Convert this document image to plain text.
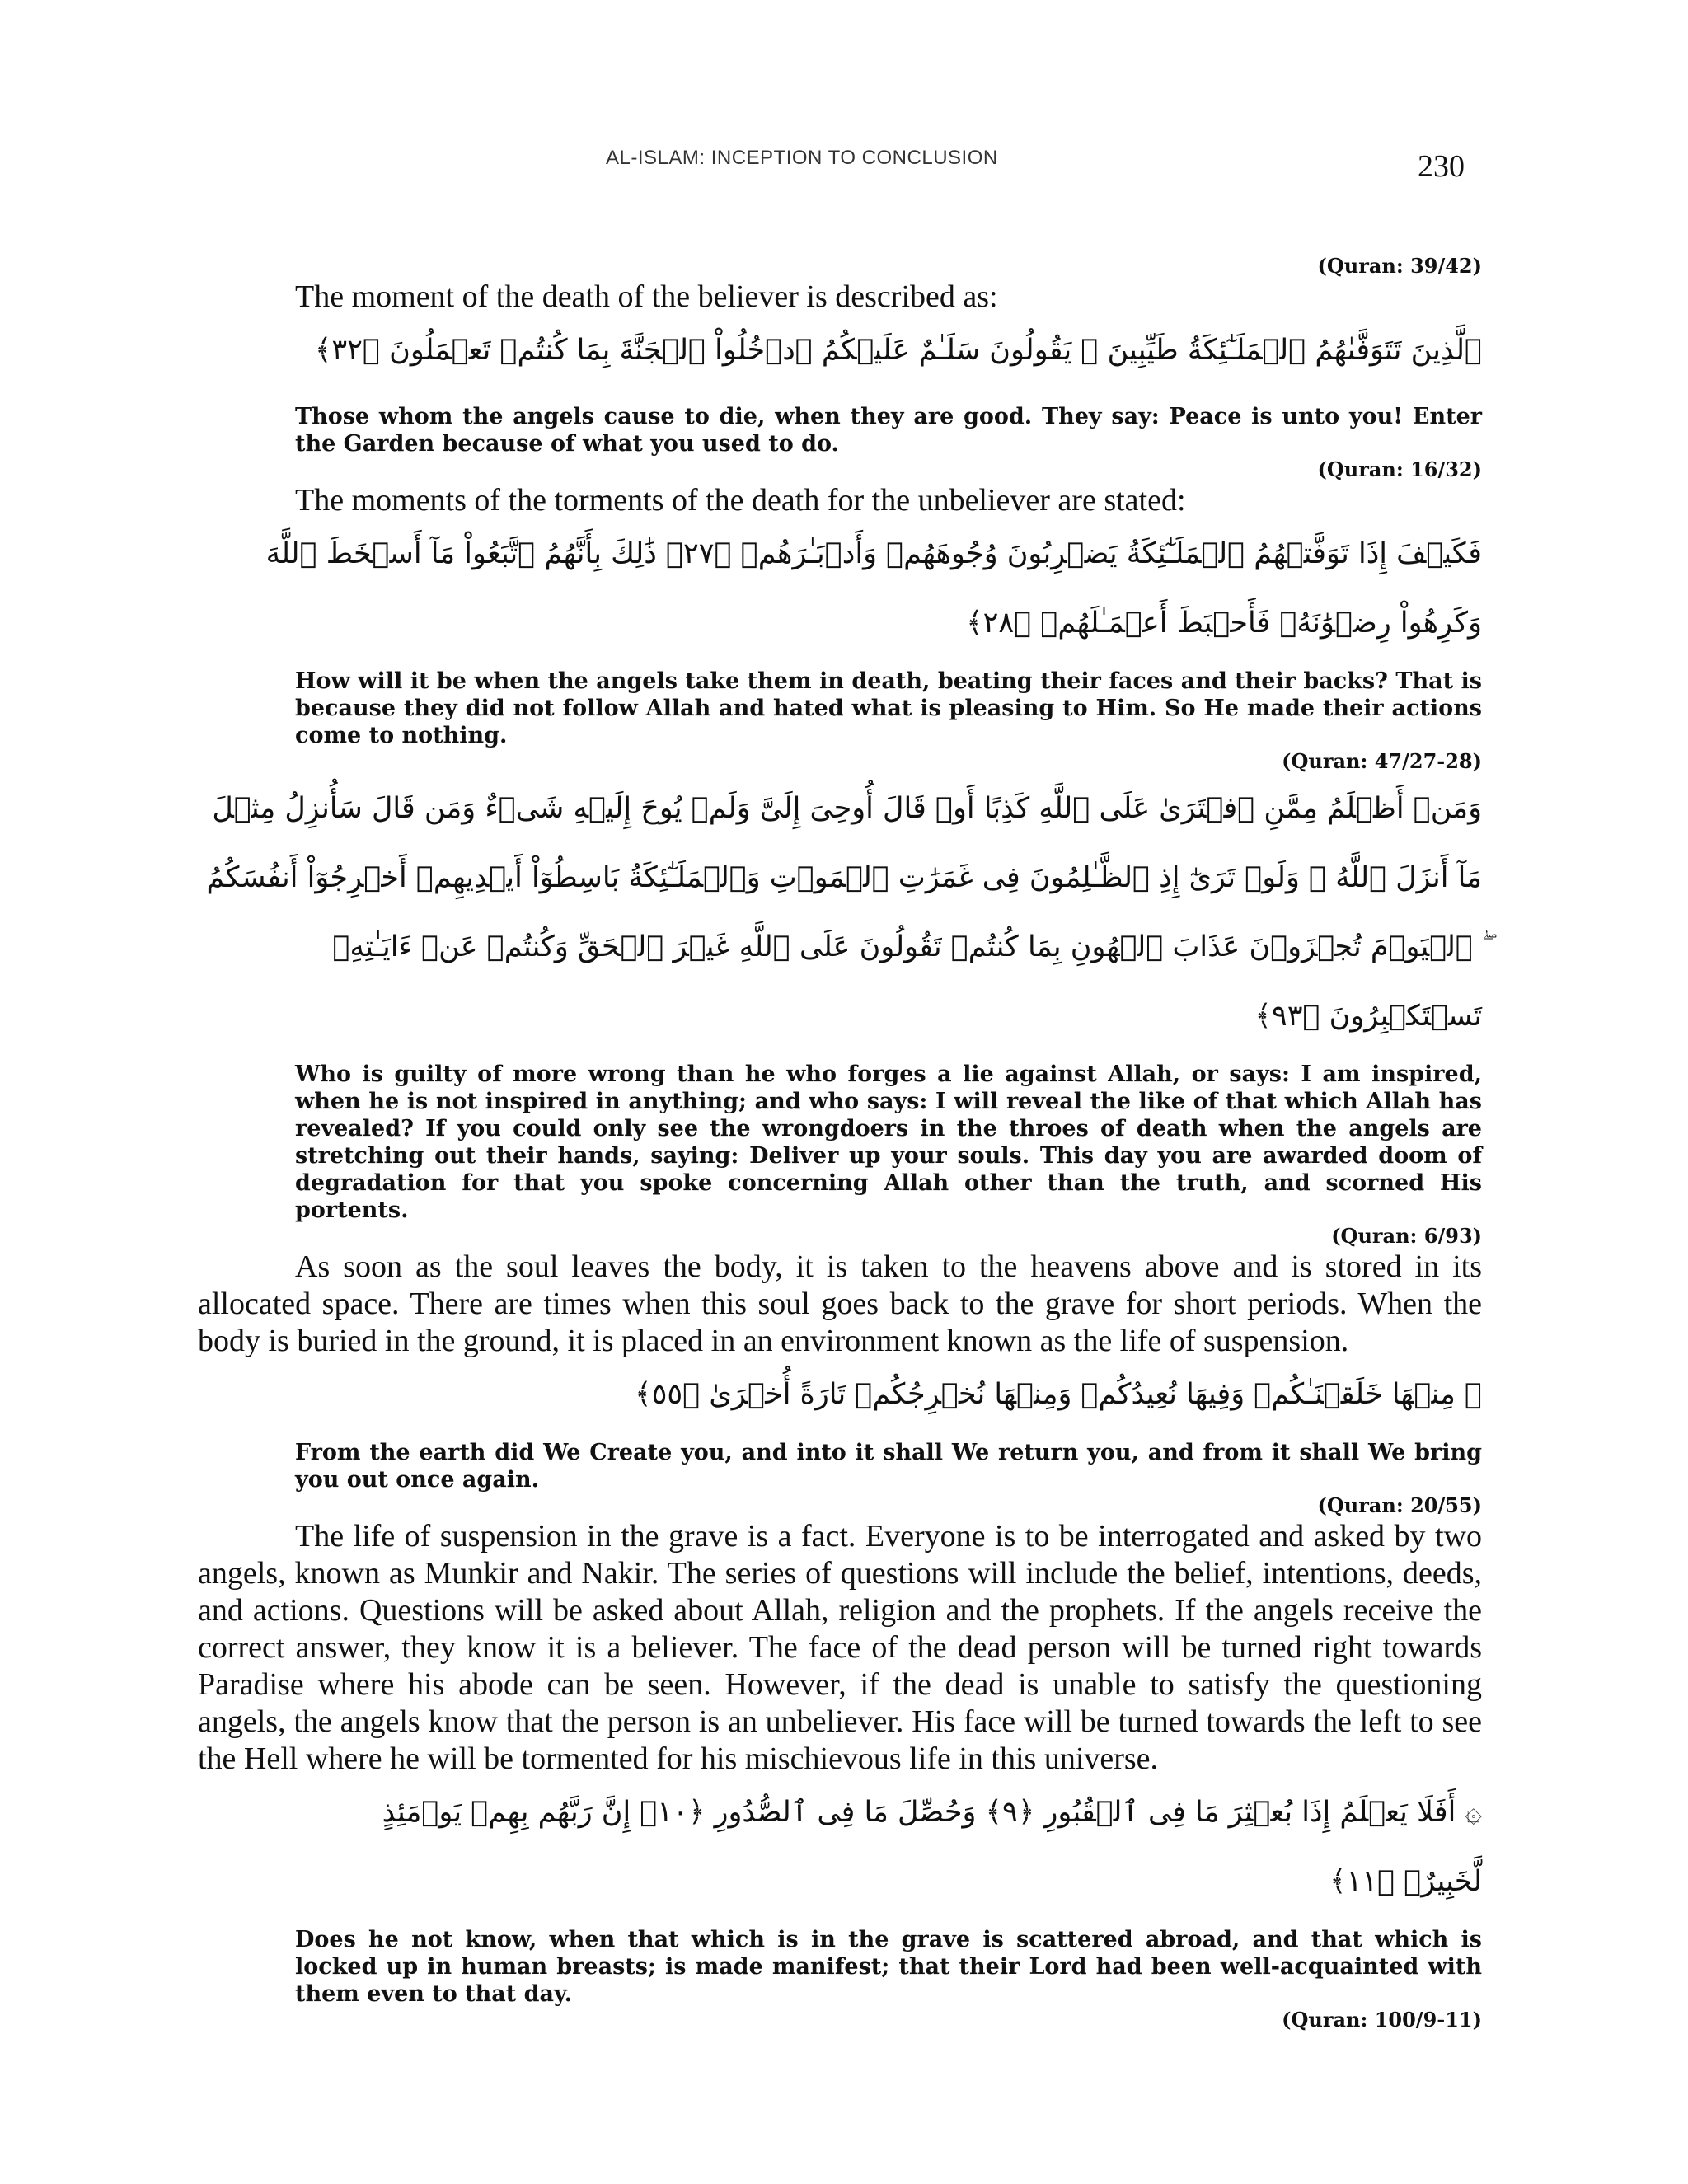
AL-ISLAM: INCEPTION TO CONCLUSION	230

(Quran: 39/42)

The moment of the death of the believer is described as:

ٱلَّذِينَ تَتَوَفَّىٰهُمُ ٱلۡمَلَـٰٓئِكَةُ طَيِّبِينَ ۙ يَقُولُونَ سَلَـٰمٌ عَلَيۡكُمُ ٱدۡخُلُواْ ٱلۡجَنَّةَ بِمَا كُنتُمۡ تَعۡمَلُونَ ﴿٣٢﴾

Those whom the angels cause to die, when they are good. They say: Peace is unto you! Enter the Garden because of what you used to do.

(Quran: 16/32)

The moments of the torments of the death for the unbeliever are stated:

فَكَيۡفَ إِذَا تَوَفَّتۡهُمُ ٱلۡمَلَـٰٓئِكَةُ يَضۡرِبُونَ وُجُوهَهُمۡ وَأَدۡبَـٰرَهُمۡ ﴿٢٧﴾ ذَٰلِكَ بِأَنَّهُمُ ٱتَّبَعُواْ مَآ أَسۡخَطَ ٱللَّهَ وَكَرِهُواْ رِضۡوَٰنَهُۥ فَأَحۡبَطَ أَعۡمَـٰلَهُمۡ ﴿٢٨﴾

How will it be when the angels take them in death, beating their faces and their backs? That is because they did not follow Allah and hated what is pleasing to Him. So He made their actions come to nothing.

(Quran: 47/27-28)

وَمَنۡ أَظۡلَمُ مِمَّنِ ٱفۡتَرَىٰ عَلَى ٱللَّهِ كَذِبًا أَوۡ قَالَ أُوحِىَ إِلَىَّ وَلَمۡ يُوحَ إِلَيۡهِ شَىۡءٌ وَمَن قَالَ سَأُنزِلُ مِثۡلَ مَآ أَنزَلَ ٱللَّهُ ۗ وَلَوۡ تَرَىٰٓ إِذِ ٱلظَّـٰلِمُونَ فِى غَمَرَٰتِ ٱلۡمَوۡتِ وَٱلۡمَلَـٰٓئِكَةُ بَاسِطُوٓاْ أَيۡدِيهِمۡ أَخۡرِجُوٓاْ أَنفُسَكُمُ ۖ ٱلۡيَوۡمَ تُجۡزَوۡنَ عَذَابَ ٱلۡهُونِ بِمَا كُنتُمۡ تَقُولُونَ عَلَى ٱللَّهِ غَيۡرَ ٱلۡحَقِّ وَكُنتُمۡ عَنۡ ءَايَـٰتِهِۦ تَسۡتَكۡبِرُونَ ﴿٩٣﴾

Who is guilty of more wrong than he who forges a lie against Allah, or says: I am inspired, when he is not inspired in anything; and who says: I will reveal the like of that which Allah has revealed? If you could only see the wrongdoers in the throes of death when the angels are stretching out their hands, saying: Deliver up your souls. This day you are awarded doom of degradation for that you spoke concerning Allah other than the truth, and scorned His portents.

(Quran: 6/93)

As soon as the soul leaves the body, it is taken to the heavens above and is stored in its allocated space. There are times when this soul goes back to the grave for short periods. When the body is buried in the ground, it is placed in an environment known as the life of suspension.

۞ مِنۡهَا خَلَقۡنَـٰكُمۡ وَفِيهَا نُعِيدُكُمۡ وَمِنۡهَا نُخۡرِجُكُمۡ تَارَةً أُخۡرَىٰ ﴿٥٥﴾

From the earth did We Create you, and into it shall We return you, and from it shall We bring you out once again.

(Quran: 20/55)

The life of suspension in the grave is a fact. Everyone is to be interrogated and asked by two angels, known as Munkir and Nakir. The series of questions will include the belief, intentions, deeds, and actions. Questions will be asked about Allah, religion and the prophets. If the angels receive the correct answer, they know it is a believer. The face of the dead person will be turned right towards Paradise where his abode can be seen. However, if the dead is unable to satisfy the questioning angels, the angels know that the person is an unbeliever. His face will be turned towards the left to see the Hell where he will be tormented for his mischievous life in this universe.

۞ أَفَلَا يَعۡلَمُ إِذَا بُعۡثِرَ مَا فِى ٱلۡقُبُورِ ﴿٩﴾ وَحُصِّلَ مَا فِى ٱلصُّدُورِ ﴿١٠﴾ إِنَّ رَبَّهُم بِهِمۡ يَوۡمَئِذٍ لَّخَبِيرٌۢ ﴿١١﴾

Does he not know, when that which is in the grave is scattered abroad, and that which is locked up in human breasts; is made manifest; that their Lord had been well-acquainted with them even to that day.

(Quran: 100/9-11)
